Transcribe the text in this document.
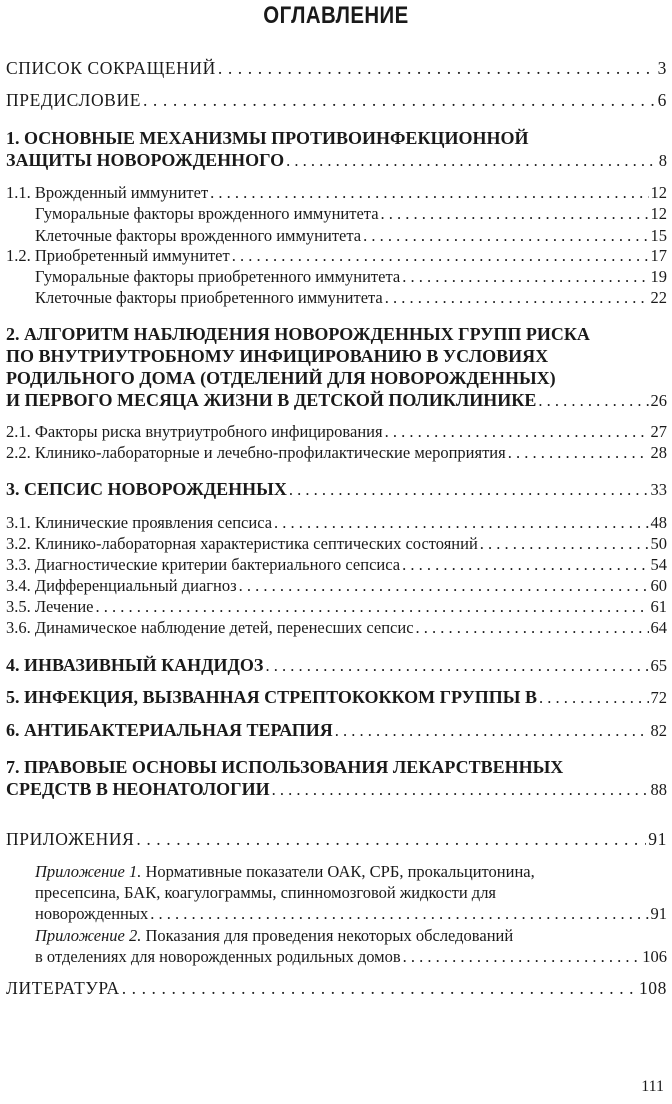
ОГЛАВЛЕНИЕ
СПИСОК СОКРАЩЕНИЙ . . .	3
ПРЕДИСЛОВИЕ . . .	6
1. ОСНОВНЫЕ МЕХАНИЗМЫ ПРОТИВОИНФЕКЦИОННОЙ
ЗАЩИТЫ НОВОРОЖДЕННОГО . . .	8
1.1. Врожденный иммунитет . . .	12
Гуморальные факторы врожденного иммунитета . . .	12
Клеточные факторы врожденного иммунитета . . .	15
1.2. Приобретенный иммунитет . . .	17
Гуморальные факторы приобретенного иммунитета . . .	19
Клеточные факторы приобретенного иммунитета . . .	22
2. АЛГОРИТМ НАБЛЮДЕНИЯ НОВОРОЖДЕННЫХ ГРУПП РИСКА
ПО ВНУТРИУТРОБНОМУ ИНФИЦИРОВАНИЮ В УСЛОВИЯХ
РОДИЛЬНОГО ДОМА (ОТДЕЛЕНИЙ ДЛЯ НОВОРОЖДЕННЫХ)
И ПЕРВОГО МЕСЯЦА ЖИЗНИ В ДЕТСКОЙ ПОЛИКЛИНИКЕ . . .	26
2.1. Факторы риска внутриутробного инфицирования . . .	27
2.2. Клинико-лабораторные и лечебно-профилактические мероприятия . . .	28
3. СЕПСИС НОВОРОЖДЕННЫХ . . .	33
3.1. Клинические проявления сепсиса . . .	48
3.2. Клинико-лабораторная характеристика септических состояний . . .	50
3.3. Диагностические критерии бактериального сепсиса . . .	54
3.4. Дифференциальный диагноз . . .	60
3.5. Лечение . . .	61
3.6. Динамическое наблюдение детей, перенесших сепсис . . .	64
4. ИНВАЗИВНЫЙ КАНДИДОЗ . . .	65
5. ИНФЕКЦИЯ, ВЫЗВАННАЯ СТРЕПТОКОККОМ ГРУППЫ В . . .	72
6. АНТИБАКТЕРИАЛЬНАЯ ТЕРАПИЯ . . .	82
7. ПРАВОВЫЕ ОСНОВЫ ИСПОЛЬЗОВАНИЯ ЛЕКАРСТВЕННЫХ
СРЕДСТВ В НЕОНАТОЛОГИИ . . .	88
ПРИЛОЖЕНИЯ . . .	91
Приложение 1. Нормативные показатели ОАК, СРБ, прокальцитонина,
пресепсина, БАК, коагулограммы, спинномозговой жидкости для
новорожденных . . .	91
Приложение 2. Показания для проведения некоторых обследований
в отделениях для новорожденных родильных домов . . .	106
ЛИТЕРАТУРА . . .	108
111
